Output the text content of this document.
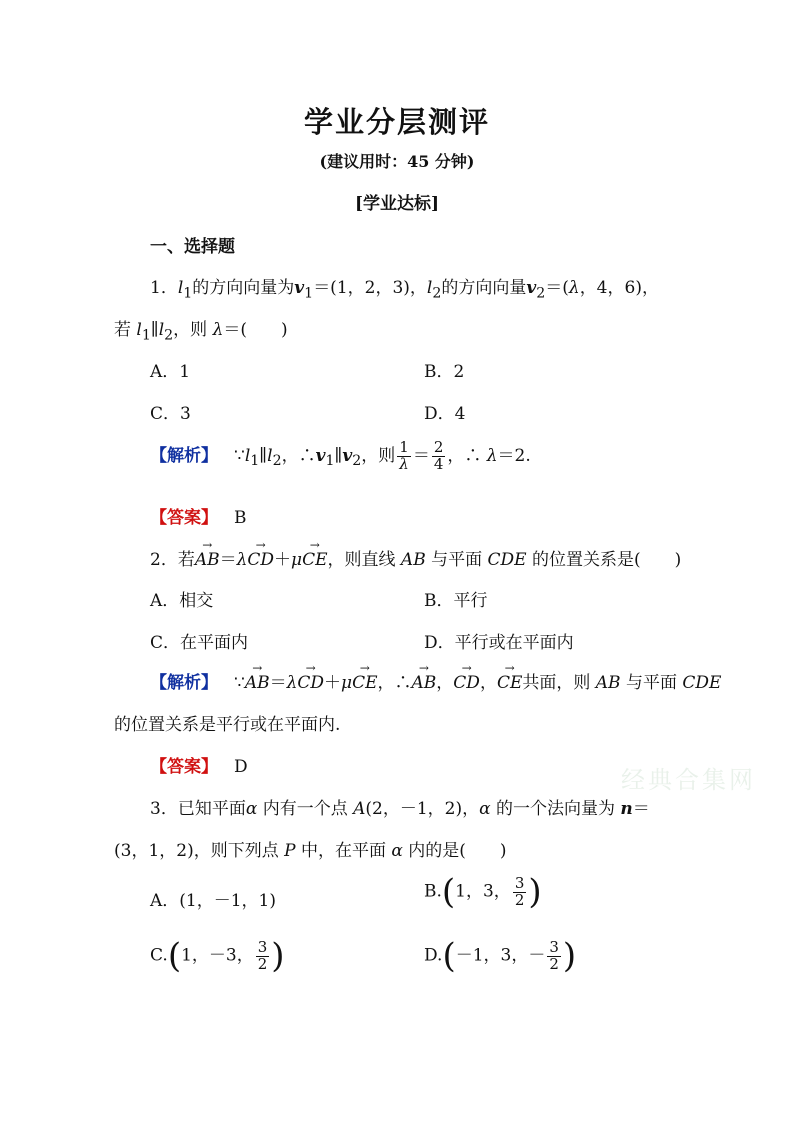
学业分层测评
(建议用时：45 分钟)
[学业达标]
一、选择题
1．$l_1$的方向向量为$v_1=(1$，2，3)，$l_2$的方向向量$v_2=(\lambda$，4，6)，
若 $l_1\parallel l_2$，则 λ＝(　　)
A．1	B．2
C．3	D．4
【解析】 $\because l_1\parallel l_2$，$\therefore v_1\parallel v_2$，则 $\frac{1}{\lambda} = \frac{2}{4}$ ，∴ λ＝2.
【答案】 B
2．若→ AB＝λ→ CD＋μ→ CE，则直线 AB 与平面 CDE 的位置关系是(　　)
A．相交	B．平行
C．在平面内	D．平行或在平面内
【解析】 ∵→ AB＝λ→ CD＋μ→ CE，∴→ AB，→ CD，→ CE共面，则 AB 与平面 CDE
的位置关系是平行或在平面内.
【答案】 D	经典合集网
3．已知平面α 内有一个点 A(2，－1，2)，α 的一个法向量为 n＝
(3，1，2)，则下列点 P 中，在平面 α 内的是(　　)
A．(1，－1，1)	B.(1，3， $\frac{3}{2}$ )
C.(1，－3， $\frac{3}{2}$ )	D.(－1，3，－ $\frac{3}{2}$ )
